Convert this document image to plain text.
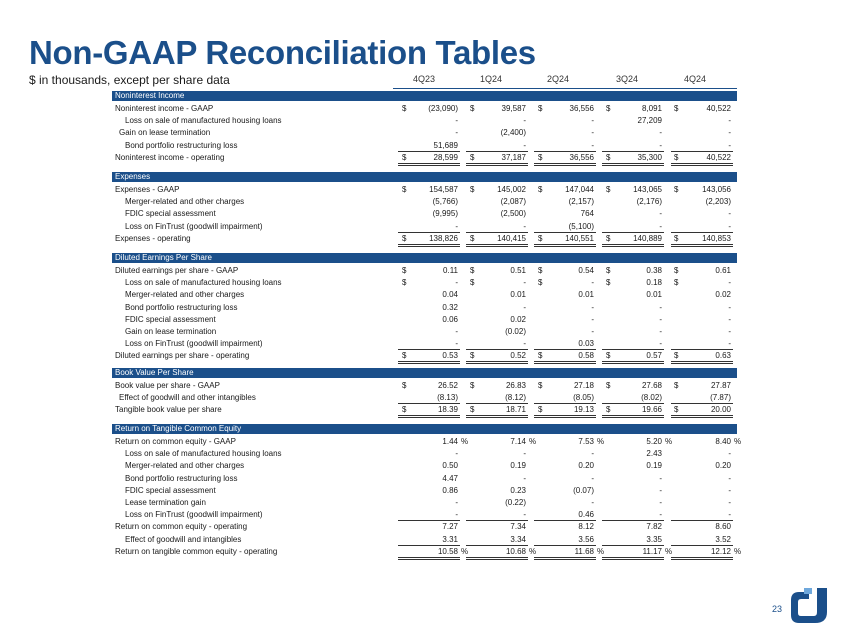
Non-GAAP Reconciliation Tables
$ in thousands, except per share data	4Q23	1Q24	2Q24	3Q24	4Q24
Noninterest Income
Noninterest income - GAAP	$	(23,090) $	39,587 $	36,556 $	8,091 $	40,522
Loss on sale of manufactured housing loans	-	-	-	27,209	-
Gain on lease termination	-	(2,400)	-	-	-
Bond portfolio restructuring loss	51,689	-	-	-	-
Noninterest income - operating	$	28,599 $	37,187 $	36,556 $	35,300 $	40,522
Expenses
Expenses - GAAP	$	154,587 $	145,002 $	147,044 $	143,065 $	143,056
Merger-related and other charges	(5,766)	(2,087)	(2,157)	(2,176)	(2,203)
FDIC special assessment	(9,995)	(2,500)	764	-	-
Loss on FinTrust (goodwill impairment)	-	-	(5,100)	-	-
Expenses - operating	$	138,826 $	140,415 $	140,551 $	140,889 $	140,853
Diluted Earnings Per Share
Diluted earnings per share - GAAP	$	0.11 $	0.51 $	0.54 $	0.38 $	0.61
Loss on sale of manufactured housing loans	$	- $	- $	- $	0.18 $	-
Merger-related and other charges	0.04	0.01	0.01	0.01	0.02
Bond portfolio restructuring loss	0.32	-	-	-	-
FDIC special assessment	0.06	0.02	-	-	-
Gain on lease termination	-	(0.02)	-	-	-
Loss on FinTrust (goodwill impairment)	-	-	0.03	-	-
Diluted earnings per share - operating	$	0.53 $	0.52 $	0.58 $	0.57 $	0.63
Book Value Per Share
Book value per share - GAAP	$	26.52 $	26.83 $	27.18 $	27.68 $	27.87
Effect of goodwill and other intangibles	(8.13)	(8.12)	(8.05)	(8.02)	(7.87)
Tangible book value per share	$	18.39 $	18.71 $	19.13 $	19.66 $	20.00
Return on Tangible Common Equity
Return on common equity - GAAP	1.44 %	7.14 %	7.53 %	5.20 %	8.40 %
Loss on sale of manufactured housing loans	-	-	-	2.43	-
Merger-related and other charges	0.50	0.19	0.20	0.19	0.20
Bond portfolio restructuring loss	4.47	-	-	-	-
FDIC special assessment	0.86	0.23	(0.07)	-	-
Lease termination gain	-	(0.22)	-	-	-
Loss on FinTrust (goodwill impairment)	-	-	0.46	-	-
Return on common equity - operating	7.27	7.34	8.12	7.82	8.60
Effect of goodwill and intangibles	3.31	3.34	3.56	3.35	3.52
Return on tangible common equity - operating	10.58 %	10.68 %	11.68 %	11.17 %	12.12 %
23
